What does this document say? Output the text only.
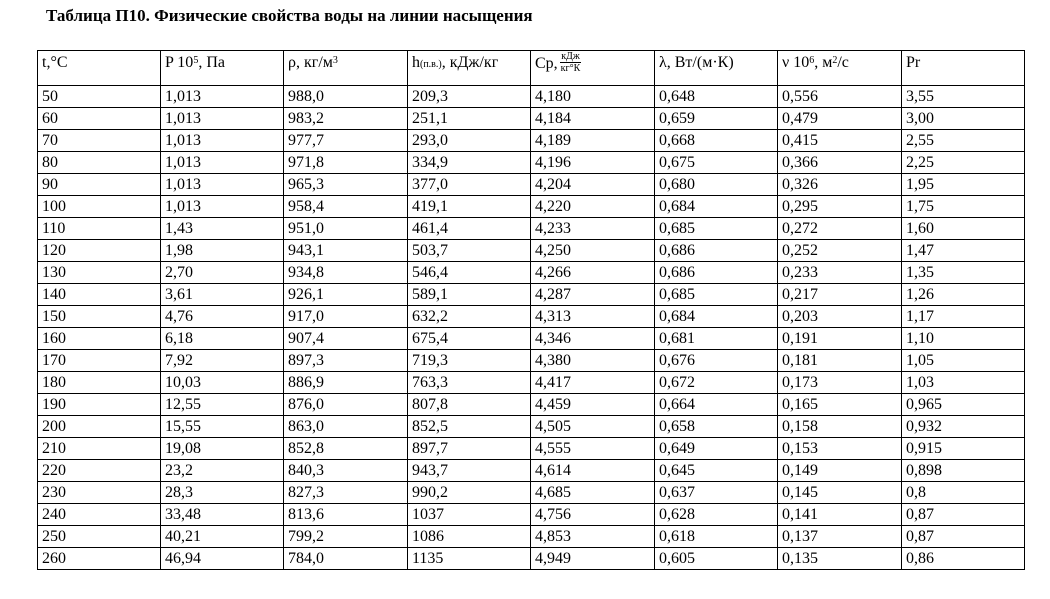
Таблица П10. Физические свойства воды на линии насыщения
t,°C	P $10^5$, Па	ρ, $кг/м^3$	h(п.в.), кДж/кг	Cp, $\frac{\text{кДж}}{кг^\circ К}$	λ, Вт/(м·К)	ν $10^6$, $м^2/с$	Pr
50	1,013	988,0	209,3	4,180	0,648	0,556	3,55
60	1,013	983,2	251,1	4,184	0,659	0,479	3,00
70	1,013	977,7	293,0	4,189	0,668	0,415	2,55
80	1,013	971,8	334,9	4,196	0,675	0,366	2,25
90	1,013	965,3	377,0	4,204	0,680	0,326	1,95
100	1,013	958,4	419,1	4,220	0,684	0,295	1,75
110	1,43	951,0	461,4	4,233	0,685	0,272	1,60
120	1,98	943,1	503,7	4,250	0,686	0,252	1,47
130	2,70	934,8	546,4	4,266	0,686	0,233	1,35
140	3,61	926,1	589,1	4,287	0,685	0,217	1,26
150	4,76	917,0	632,2	4,313	0,684	0,203	1,17
160	6,18	907,4	675,4	4,346	0,681	0,191	1,10
170	7,92	897,3	719,3	4,380	0,676	0,181	1,05
180	10,03	886,9	763,3	4,417	0,672	0,173	1,03
190	12,55	876,0	807,8	4,459	0,664	0,165	0,965
200	15,55	863,0	852,5	4,505	0,658	0,158	0,932
210	19,08	852,8	897,7	4,555	0,649	0,153	0,915
220	23,2	840,3	943,7	4,614	0,645	0,149	0,898
230	28,3	827,3	990,2	4,685	0,637	0,145	0,8
240	33,48	813,6	1037	4,756	0,628	0,141	0,87
250	40,21	799,2	1086	4,853	0,618	0,137	0,87
260	46,94	784,0	1135	4,949	0,605	0,135	0,86
